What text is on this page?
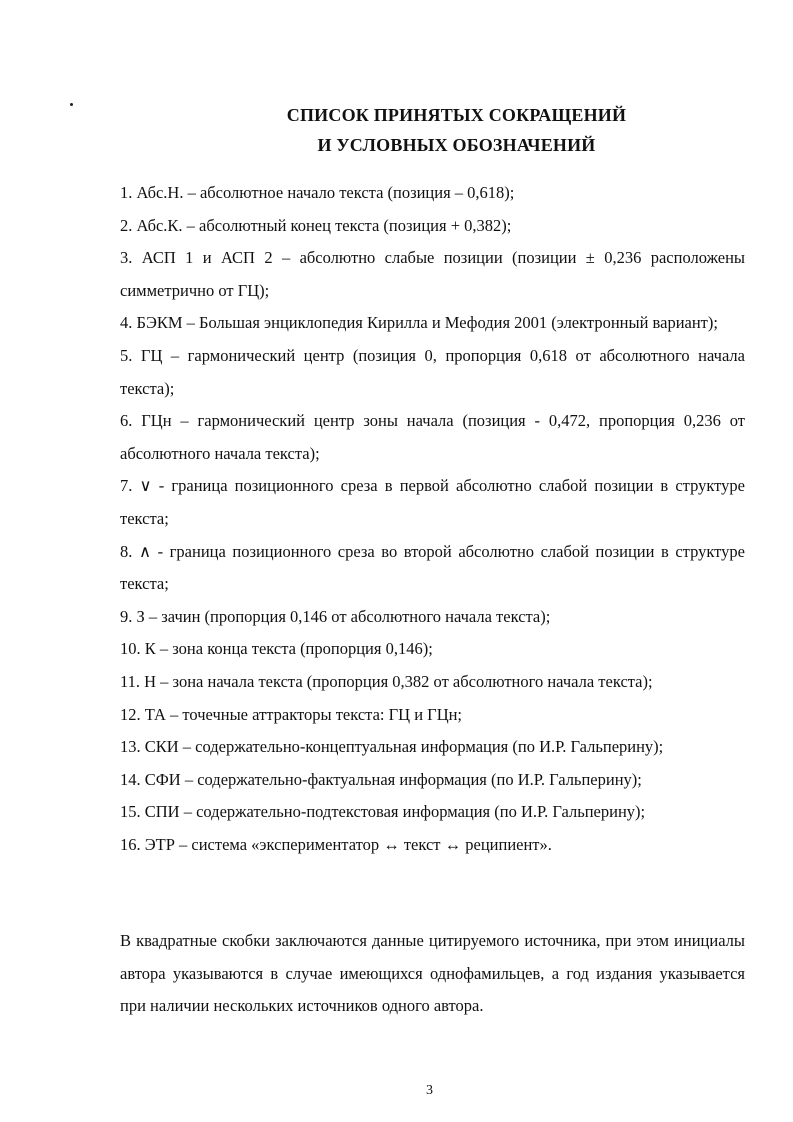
СПИСОК ПРИНЯТЫХ СОКРАЩЕНИЙ
И УСЛОВНЫХ ОБОЗНАЧЕНИЙ
1. Абс.Н. – абсолютное начало текста (позиция – 0,618);
2. Абс.К. – абсолютный конец текста (позиция + 0,382);
3. АСП 1 и АСП 2 – абсолютно слабые позиции (позиции ± 0,236 расположены симметрично от ГЦ);
4. БЭКМ – Большая энциклопедия Кирилла и Мефодия 2001 (электронный вариант);
5. ГЦ – гармонический центр (позиция 0, пропорция 0,618 от абсолютного начала текста);
6. ГЦн – гармонический центр зоны начала (позиция - 0,472, пропорция 0,236 от абсолютного начала текста);
7. ∨ - граница позиционного среза в первой абсолютно слабой позиции в структуре текста;
8. ∧ - граница позиционного среза во второй абсолютно слабой позиции в структуре текста;
9. З – зачин (пропорция 0,146 от абсолютного начала текста);
10. К – зона конца текста (пропорция 0,146);
11. Н – зона начала текста (пропорция 0,382 от абсолютного начала текста);
12. ТА – точечные аттракторы текста: ГЦ и ГЦн;
13. СКИ – содержательно-концептуальная информация (по И.Р. Гальперину);
14. СФИ – содержательно-фактуальная информация (по И.Р. Гальперину);
15. СПИ – содержательно-подтекстовая информация (по И.Р. Гальперину);
16. ЭТР – система «экспериментатор ↔ текст ↔ реципиент».

В квадратные скобки заключаются данные цитируемого источника, при этом инициалы автора указываются в случае имеющихся однофамильцев, а год издания указывается при наличии нескольких источников одного автора.

3
